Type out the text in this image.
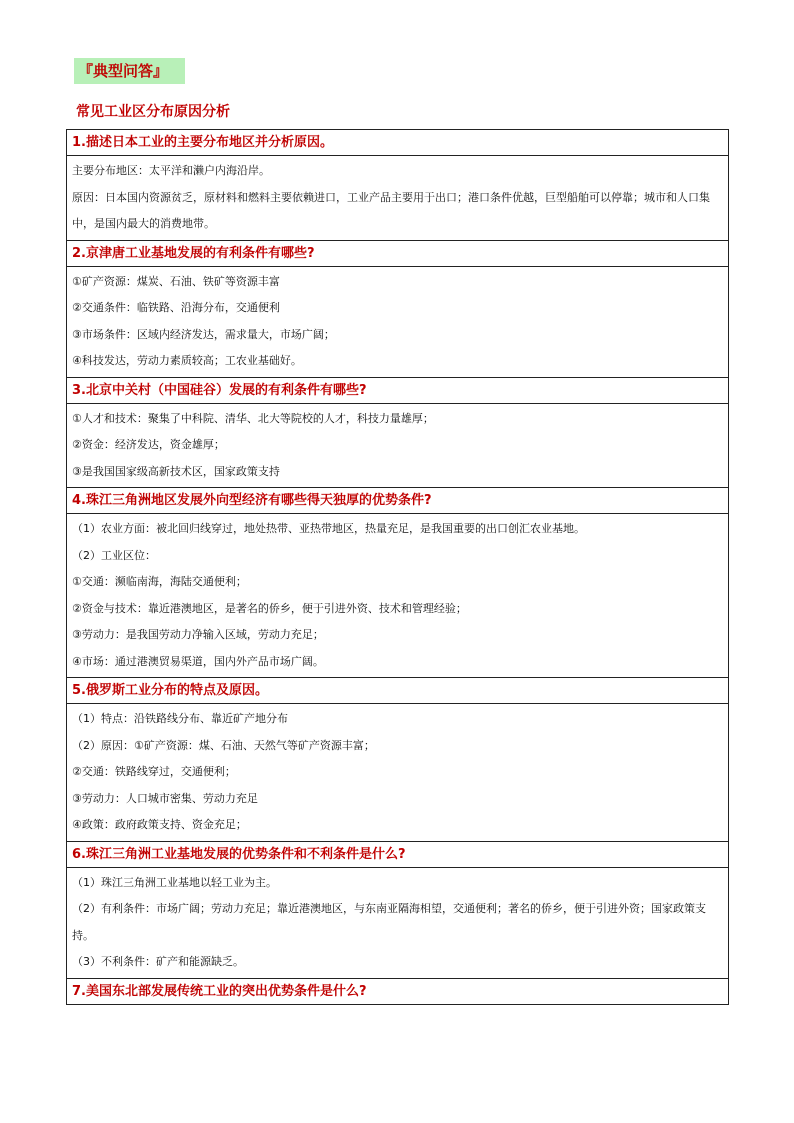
『典型问答』
常见工业区分布原因分析
1.描述日本工业的主要分布地区并分析原因。

主要分布地区：太平洋和濑户内海沿岸。
原因：日本国内资源贫乏，原材料和燃料主要依赖进口，工业产品主要用于出口；港口条件优越，巨型船舶可以停靠；城市和人口集中，是国内最大的消费地带。

2.京津唐工业基地发展的有利条件有哪些?

①矿产资源：煤炭、石油、铁矿等资源丰富
②交通条件：临铁路、沿海分布，交通便利
③市场条件：区域内经济发达，需求量大，市场广阔；
④科技发达，劳动力素质较高；工农业基础好。

3.北京中关村（中国硅谷）发展的有利条件有哪些?

①人才和技术：聚集了中科院、清华、北大等院校的人才，科技力量雄厚；
②资金：经济发达，资金雄厚；
③是我国国家级高新技术区，国家政策支持

4.珠江三角洲地区发展外向型经济有哪些得天独厚的优势条件?

（1）农业方面：被北回归线穿过，地处热带、亚热带地区，热量充足，是我国重要的出口创汇农业基地。
（2）工业区位：
①交通：濒临南海，海陆交通便利；
②资金与技术：靠近港澳地区，是著名的侨乡，便于引进外资、技术和管理经验；
③劳动力：是我国劳动力净输入区域，劳动力充足；
④市场：通过港澳贸易渠道，国内外产品市场广阔。

5.俄罗斯工业分布的特点及原因。

（1）特点：沿铁路线分布、靠近矿产地分布
（2）原因：①矿产资源：煤、石油、天然气等矿产资源丰富；
②交通：铁路线穿过，交通便利；
③劳动力：人口城市密集、劳动力充足
④政策：政府政策支持、资金充足；

6.珠江三角洲工业基地发展的优势条件和不利条件是什么?

（1）珠江三角洲工业基地以轻工业为主。
（2）有利条件：市场广阔；劳动力充足；靠近港澳地区，与东南亚隔海相望，交通便利；著名的侨乡，便于引进外资；国家政策支持。
（3）不利条件：矿产和能源缺乏。

7.美国东北部发展传统工业的突出优势条件是什么?
